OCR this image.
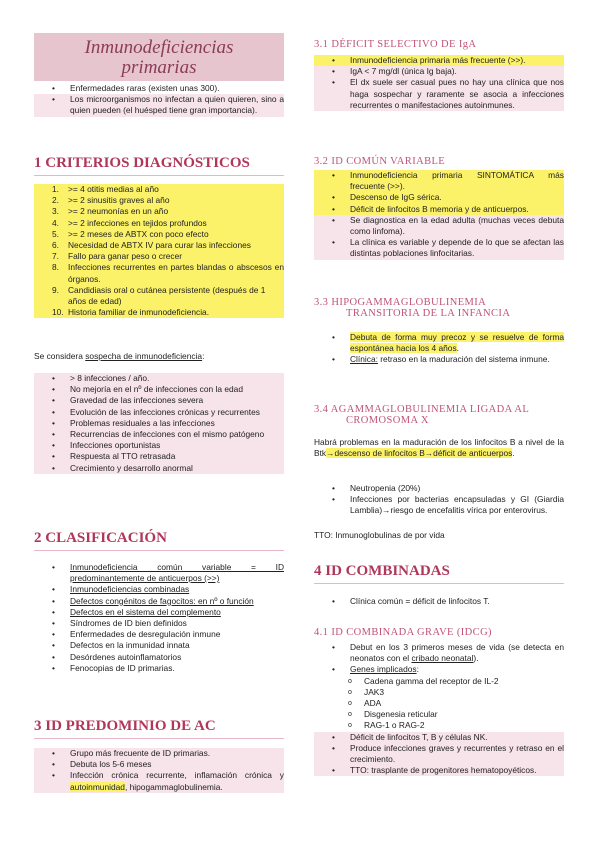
Inmunodeficiencias
primarias
• Enfermedades raras (existen unas 300).
• Los microorganismos no infectan a quien quieren, sino a quien pueden (el huésped tiene gran importancia).
1 CRITERIOS DIAGNÓSTICOS
1. >= 4 otitis medias al año
2. >= 2 sinusitis graves al año
3. >= 2 neumonías en un año
4. >= 2 infecciones en tejidos profundos
5. >= 2 meses de ABTX con poco efecto
6. Necesidad de ABTX IV para curar las infecciones
7. Fallo para ganar peso o crecer
8. Infecciones recurrentes en partes blandas o abscesos en órganos.
9. Candidiasis oral o cutánea persistente (después de 1 años de edad)
10. Historia familiar de inmunodeficiencia.
Se considera sospecha de inmunodeficiencia:
• > 8 infecciones / año.
• No mejoría en el nº de infecciones con la edad
• Gravedad de las infecciones severa
• Evolución de las infecciones crónicas y recurrentes
• Problemas residuales a las infecciones
• Recurrencias de infecciones con el mismo patógeno
• Infecciones oportunistas
• Respuesta al TTO retrasada
• Crecimiento y desarrollo anormal
2 CLASIFICACIÓN
• Inmunodeficiencia común variable = ID predominantemente de anticuerpos (>>)
• Inmunodeficiencias combinadas
• Defectos congénitos de fagocitos: en nº o función
• Defectos en el sistema del complemento
• Síndromes de ID bien definidos
• Enfermedades de desregulación inmune
• Defectos en la inmunidad innata
• Desórdenes autoinflamatorios
• Fenocopias de ID primarias.
3 ID PREDOMINIO DE AC
• Grupo más frecuente de ID primarias.
• Debuta los 5-6 meses
• Infección crónica recurrente, inflamación crónica y autoinmunidad, hipogammaglobulinemia.
3.1 DÉFICIT SELECTIVO DE IgA
• Inmunodeficiencia primaria más frecuente (>>).
• IgA < 7 mg/dl (única Ig baja).
• El dx suele ser casual pues no hay una clínica que nos haga sospechar y raramente se asocia a infecciones recurrentes o manifestaciones autoinmunes.
3.2 ID COMÚN VARIABLE
• Inmunodeficiencia primaria SINTOMÁTICA más frecuente (>>).
• Descenso de IgG sérica.
• Déficit de linfocitos B memoria y de anticuerpos.
• Se diagnostica en la edad adulta (muchas veces debuta como linfoma).
• La clínica es variable y depende de lo que se afectan las distintas poblaciones linfocitarias.
3.3 HIPOGAMMAGLOBULINEMIA
TRANSITORIA DE LA INFANCIA
• Debuta de forma muy precoz y se resuelve de forma espontánea hacia los 4 años.
• Clínica: retraso en la maduración del sistema inmune.
3.4 AGAMMAGLOBULINEMIA LIGADA AL
CROMOSOMA X
Habrá problemas en la maduración de los linfocitos B a nivel de la Btk→descenso de linfocitos B→déficit de anticuerpos.
• Neutropenia (20%)
• Infecciones por bacterias encapsuladas y GI (Giardia Lamblia)→riesgo de encefalitis vírica por enterovirus.
TTO: Inmunoglobulinas de por vida
4 ID COMBINADAS
• Clínica común = déficit de linfocitos T.
4.1 ID COMBINADA GRAVE (IDCG)
• Debut en los 3 primeros meses de vida (se detecta en neonatos con el cribado neonatal).
• Genes implicados:
o Cadena gamma del receptor de IL-2
o JAK3
o ADA
o Disgenesia reticular
o RAG-1 o RAG-2
• Déficit de linfocitos T, B y células NK.
• Produce infecciones graves y recurrentes y retraso en el crecimiento.
• TTO: trasplante de progenitores hematopoyéticos.
